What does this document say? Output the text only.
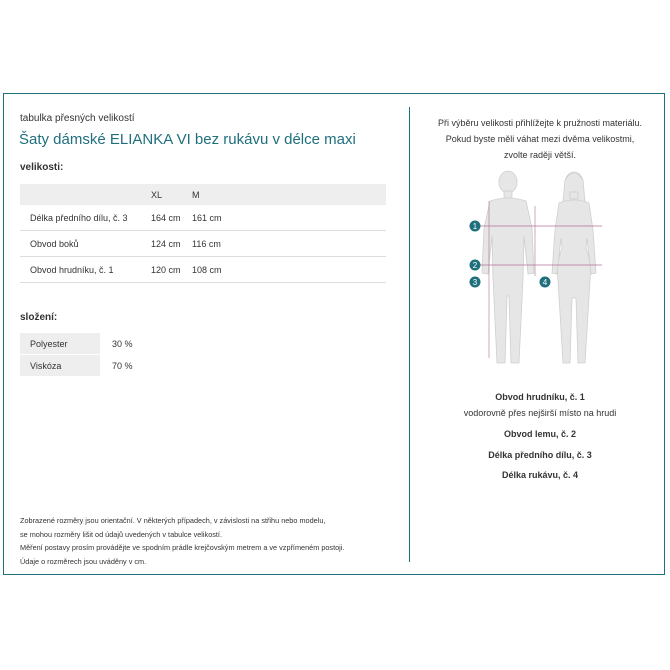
tabulka přesných velikostí
Šaty dámské ELIANKA VI bez rukávu v délce maxi
velikosti:
	XL	M	
Délka předního dílu, č. 3	164 cm	161 cm	
Obvod boků	124 cm	116 cm	
Obvod hrudníku, č. 1	120 cm	108 cm	
složení:
Polyester	30 %
Viskóza	70 %
Zobrazené rozměry jsou orientační. V některých případech, v závislosti na střihu nebo modelu,
se mohou rozměry lišit od údajů uvedených v tabulce velikostí.
Měření postavy prosím provádějte ve spodním prádle krejčovským metrem a ve vzpřímeném postoji.
Údaje o rozměrech jsou uváděny v cm.
Při výběru velikosti přihlížejte k pružnosti materiálu.
Pokud byste měli váhat mezi dvěma velikostmi,
zvolte raději větší.
1
2
3	4
Obvod hrudníku, č. 1
vodorovně přes nejširší místo na hrudi
Obvod lemu, č. 2
Délka předního dílu, č. 3
Délka rukávu, č. 4
